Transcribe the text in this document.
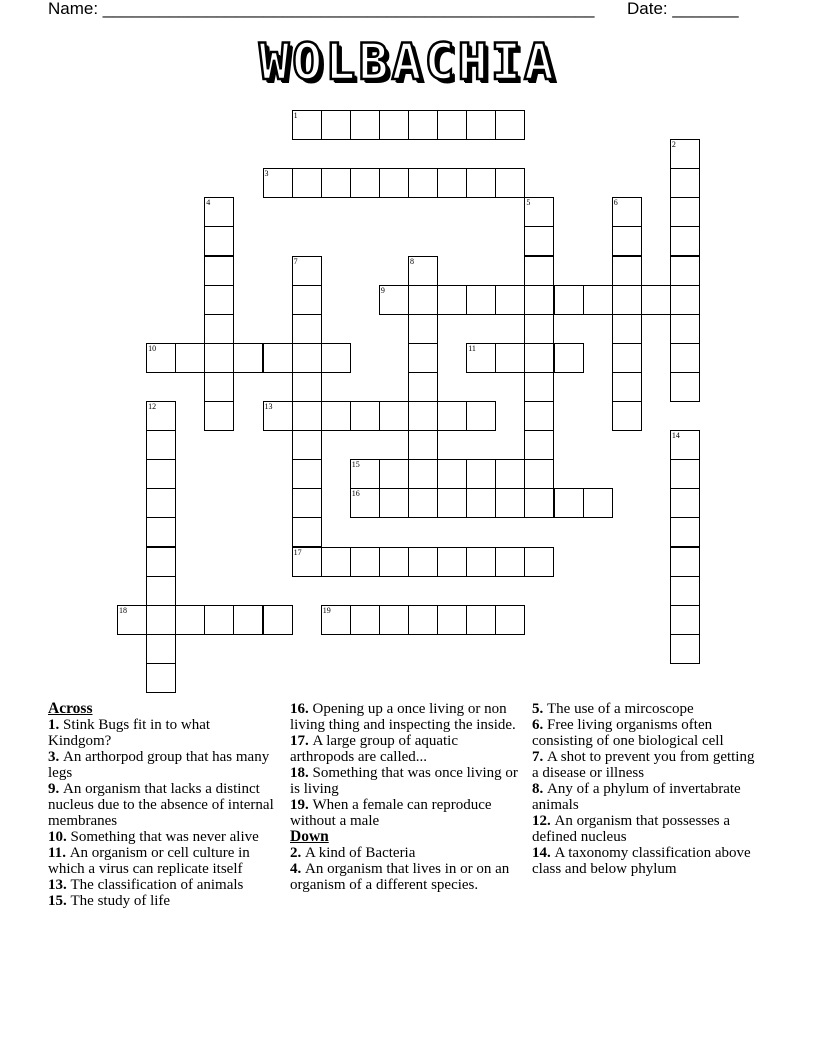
Name: ____________________________________________________ Date: _______
WOLBACHIA
1
3
9
10	11
13
15
16
17
18	19
2
4	5	6
7	8
12
14
Across
1. Stink Bugs fit in to what Kindgom?
3. An arthorpod group that has many legs
9. An organism that lacks a distinct nucleus due to the absence of internal membranes
10. Something that was never alive
11. An organism or cell culture in which a virus can replicate itself
13. The classification of animals
15. The study of life
16. Opening up a once living or non living thing and inspecting the inside.
17. A large group of aquatic arthropods are called...
18. Something that was once living or is living
19. When a female can reproduce without a male
Down
2. A kind of Bacteria
4. An organism that lives in or on an organism of a different species.
5. The use of a mircoscope
6. Free living organisms often consisting of one biological cell
7. A shot to prevent you from getting a disease or illness
8. Any of a phylum of invertabrate animals
12. An organism that possesses a defined nucleus
14. A taxonomy classification above class and below phylum
